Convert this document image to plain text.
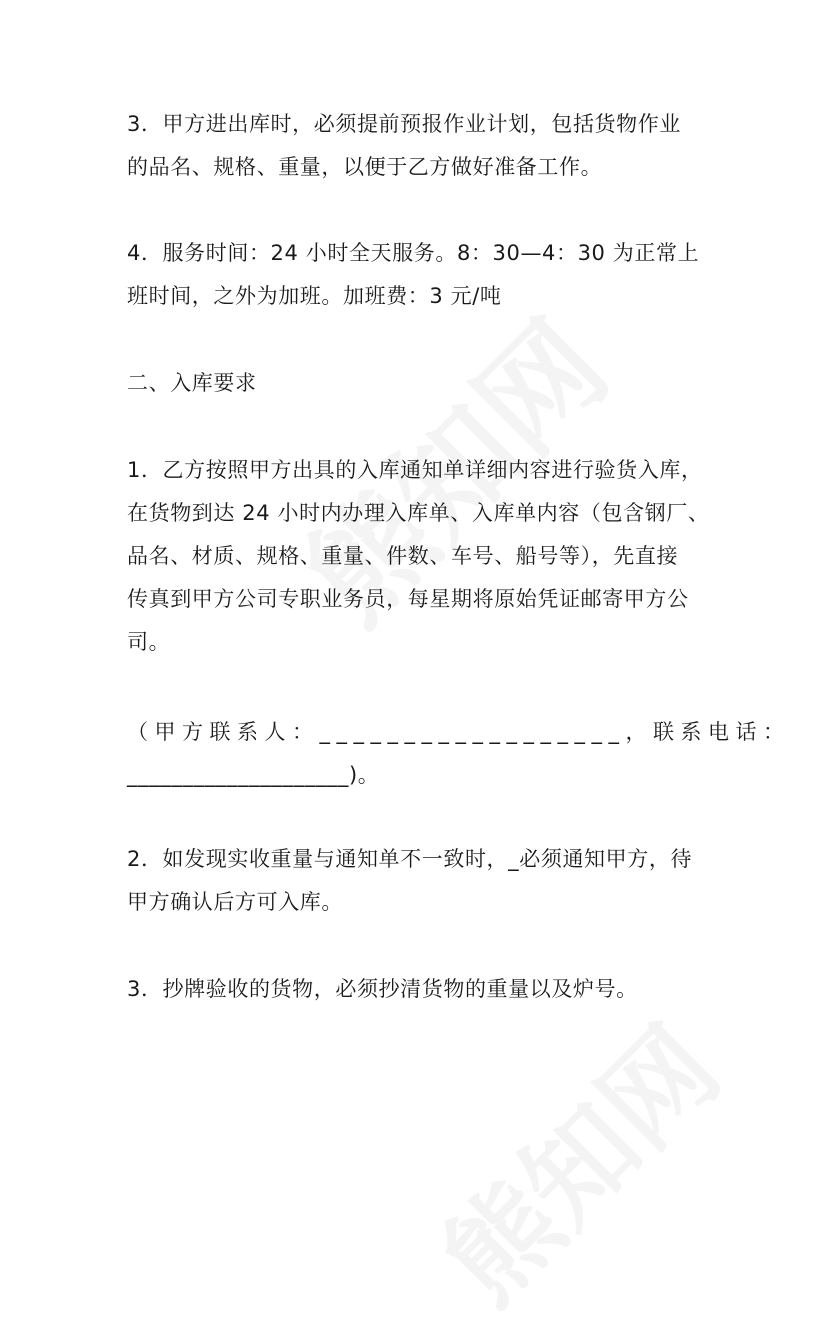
3．甲方进出库时，必须提前预报作业计划，包括货物作业
的品名、规格、重量，以便于乙方做好准备工作。

4．服务时间：24 小时全天服务。8：30—4：30 为正常上
班时间，之外为加班。加班费：3 元/吨

二、入库要求

1．乙方按照甲方出具的入库通知单详细内容进行验货入库，
在货物到达 24 小时内办理入库单、入库单内容（包含钢厂、
品名、材质、规格、重量、件数、车号、船号等），先直接
传真到甲方公司专职业务员，每星期将原始凭证邮寄甲方公
司。

（甲方联系人：__________________，联系电话：
____________________)。

2．如发现实收重量与通知单不一致时，_必须通知甲方，待
甲方确认后方可入库。

3．抄牌验收的货物，必须抄清货物的重量以及炉号。
